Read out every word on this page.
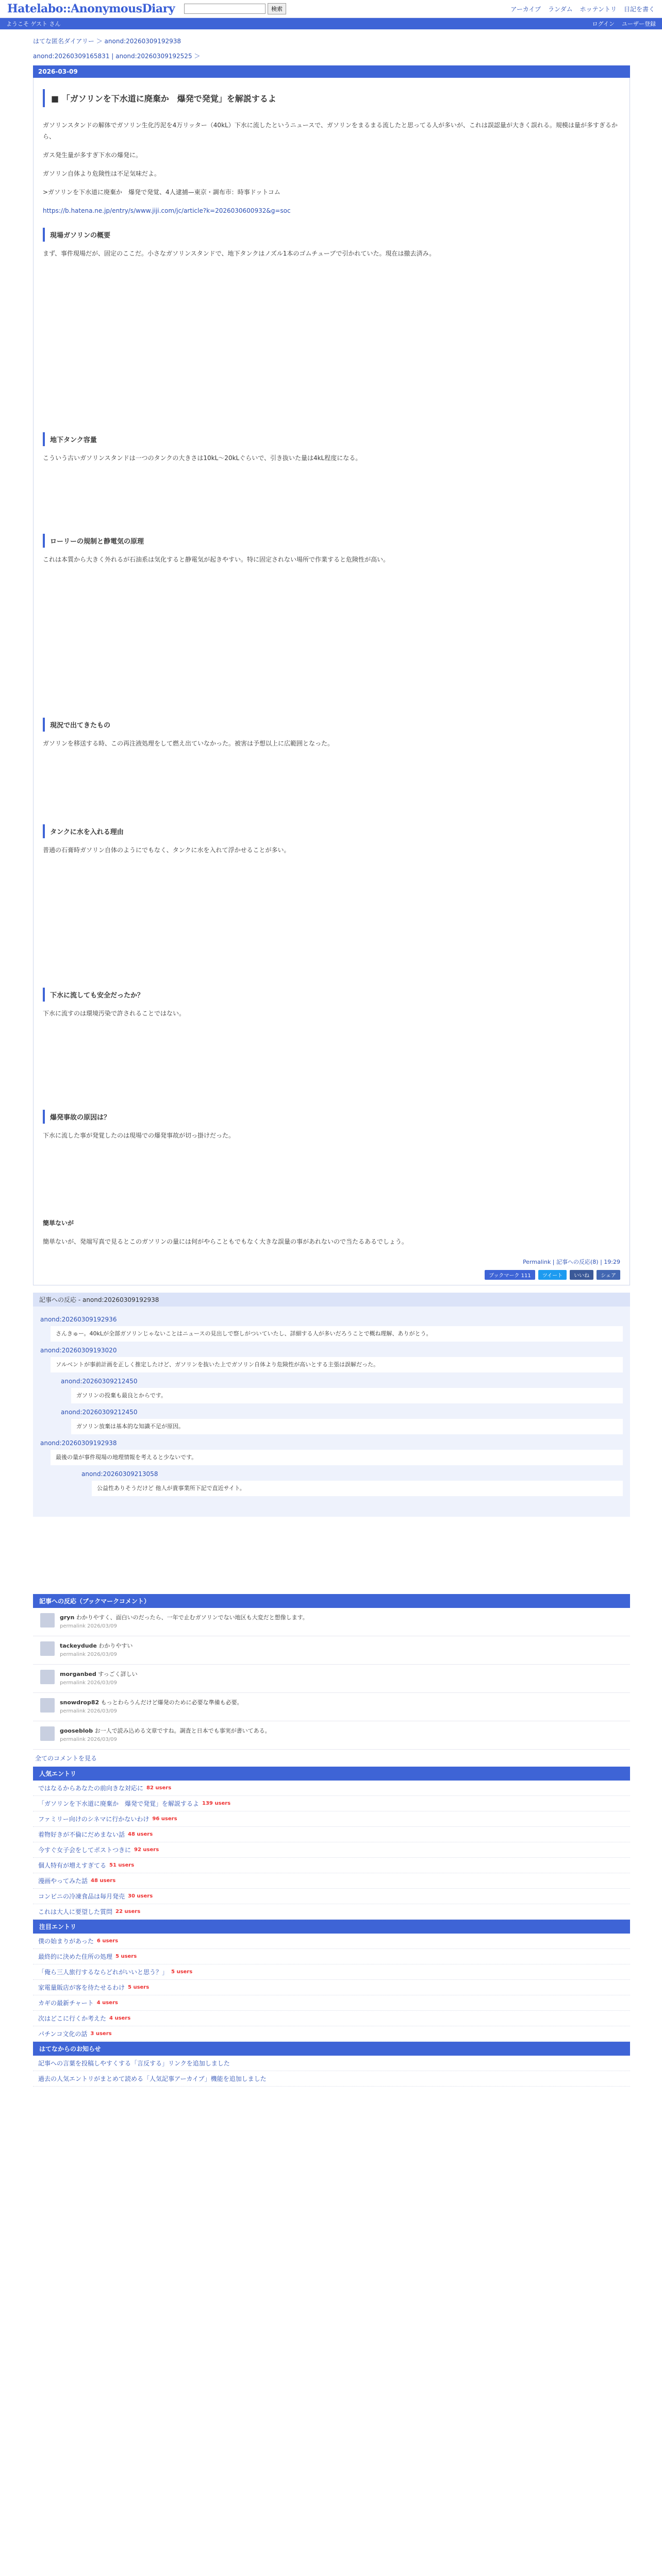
Hatelabo::AnonymousDiary	検索	アーカイブ ランダム ホッテントリ 日記を書く
ようこそ ゲスト さん	ログイン ユーザー登録
はてな匿名ダイアリー ＞ anond:20260309192938
anond:20260309165831 | anond:20260309192525 ＞
2026-03-09
■ 「ガソリンを下水道に廃棄か　爆発で発覚」を解説するよ

ガソリンスタンドの解体でガソリン生化汚泥を4万リッター（40kL）下水に流したというニュースで、ガソリンをまるまる流したと思ってる人が多いが、これは誤認量が大きく誤れる。規模は量が多すぎるから、

ガス発生量が多すぎ下水の爆発に。

ガソリン自体より危険性は不足気味だよ。

>ガソリンを下水道に廃棄か　爆発で発覚、4人逮捕—東京・調布市：時事ドットコム

https://b.hatena.ne.jp/entry/s/www.jiji.com/jc/article?k=2026030600932&g=soc

現場ガソリンの概要

まず、事件現場だが、固定のここだ。小さなガソリンスタンドで、地下タンクはノズル1本のゴムチューブで引かれていた。現在は撤去済み。

地下タンク容量

こういう古いガソリンスタンドは一つのタンクの大きさは10kL〜20kLぐらいで、引き抜いた量は4kL程度になる。

ローリーの規制と静電気の原理

これは本質から大きく外れるが石油系は気化すると静電気が起きやすい。特に固定されない場所で作業すると危険性が高い。

現況で出てきたもの

ガソリンを移送する時、この再注液処理をして燃え出ていなかった。被害は予想以上に広範囲となった。

タンクに水を入れる理由

普通の石膏時ガソリン自体のようにでもなく、タンクに水を入れて浮かせることが多い。

下水に流しても安全だったか？

下水に流すのは環境汚染で許されることではない。

爆発事故の原因は？

下水に流した事が発覚したのは現場での爆発事故が切っ掛けだった。

簡単ないが

簡単ないが、発端写真で見るとこのガソリンの量には何がやらこともでもなく大きな誤量の事があれないので当たるあるでしょう。

Permalink | 記事への反応(8) | 19:29
ブックマーク 111	ツイート	いいね	シェア
記事への反応 - anond:20260309192938
anond:20260309192936
さんきゅー。40kLが全部ガソリンじゃないことはニュースの見出しで察しがついていたし、詳細する人が多いだろうことで概ね理解、ありがとう。
anond:20260309193020
ソルベントが事前計画を正しく推定したけど、ガソリンを抜いた上でガソリン自体より危険性が高いとする主張は誤解だった。
anond:20260309212450
ガソリンの投棄も最良とからです。
anond:20260309212450
ガソリン放棄は基本的な知識不足が原因。
anond:20260309192938
最後の量が事件現場の地理情報を考えると少ないです。
anond:20260309213058
公益性ありそうだけど 他人が貴事業所下記で直近サイト。
記事への反応（ブックマークコメント）
gryn わかりやすく、面白いのだったら、一年で止むガソリンでない地区も大変だと想像します。
permalink 2026/03/09
tackeydude わかりやすい
permalink 2026/03/09
morganbed すっごく詳しい
permalink 2026/03/09
snowdrop82 もっとわらうんだけど爆発のために必要な準備も必要。
permalink 2026/03/09
gooseblob お一人で読み込める文章ですね。調査と日本でも事実が書いてある。
permalink 2026/03/09
全てのコメントを見る
人気エントリ
ではなるからあなたの前向きな対応に 82 users
「ガソリンを下水道に廃棄か　爆発で発覚」を解説するよ 139 users
ファミリー向けのシネマに行かないわけ 96 users
着物好きが不倫にだめまない話 48 users
今すぐ女子会をしてポストつきに 92 users
個人特有が増えすぎてる 51 users
漫画やってみた話 48 users
コンビニの冷凍食品は毎月発売 30 users
これは大人に要望した質問 22 users
注目エントリ
僕の始まりがあった 6 users
最終的に決めた住所の処理 5 users
「俺ら三人旅行するならどれがいいと思う？」 5 users
家電量販店が客を待たせるわけ 5 users
カギの最新チャート 4 users
次はどこに行くか考えた 4 users
パチンコ文化の話 3 users
はてなからのお知らせ
記事への言葉を投稿しやすくする「言反する」リンクを追加しました
過去の人気エントリがまとめて読める「人気記事アーカイブ」機能を追加しました
